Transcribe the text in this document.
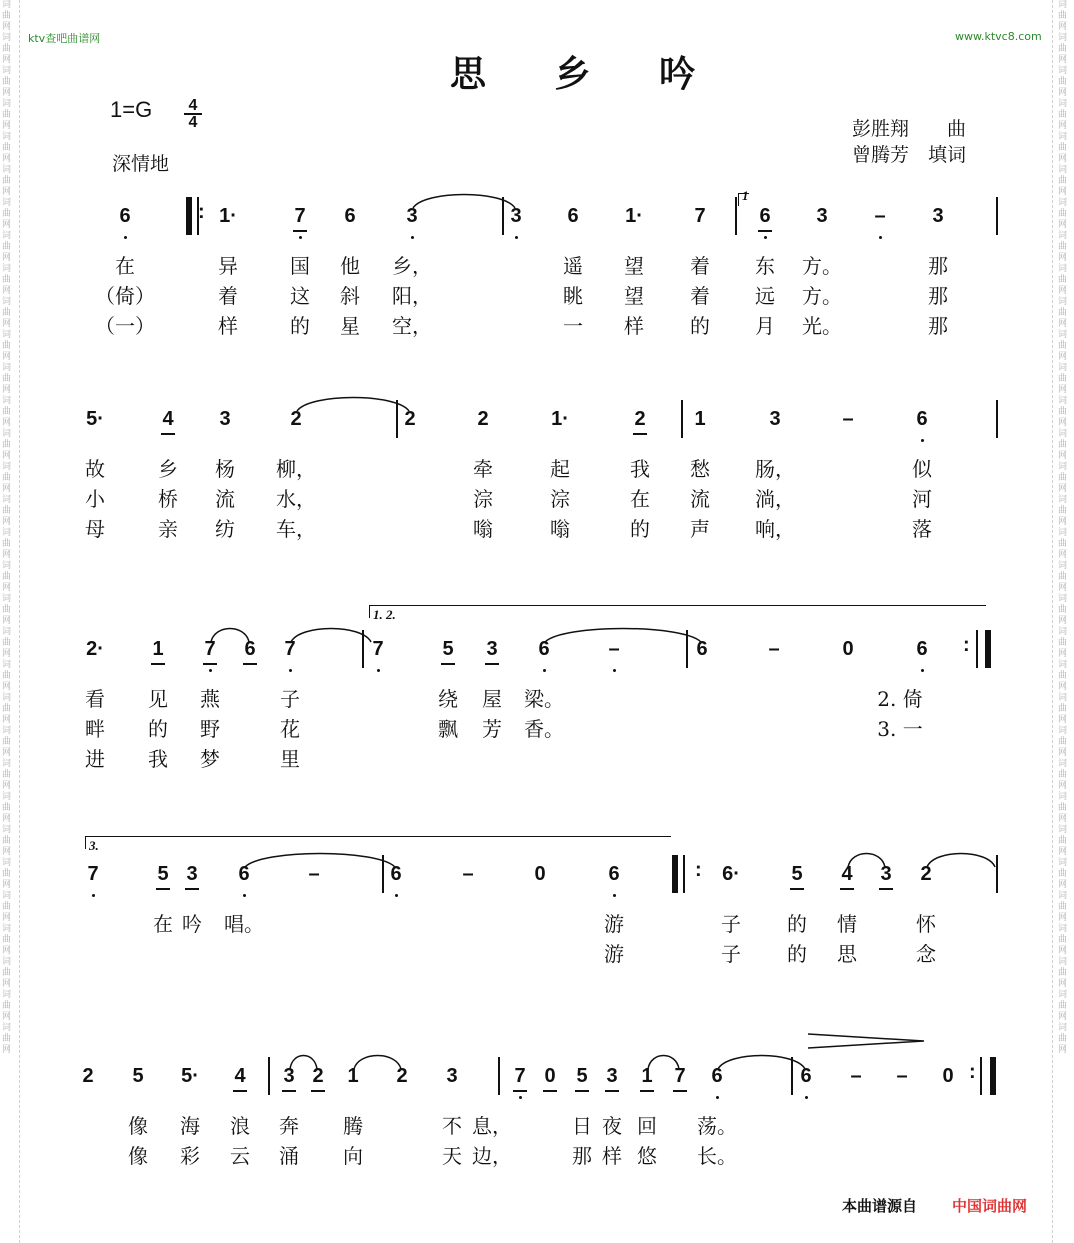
词曲网词曲网词曲网词曲网词曲网词曲网词曲网词曲网词曲网词曲网词曲网词曲网词曲网词曲网词曲网词曲网词曲网词曲网词曲网词曲网词曲网词曲网词曲网词曲网词曲网词曲网词曲网词曲网词曲网词曲网词曲网词曲网
词曲网词曲网词曲网词曲网词曲网词曲网词曲网词曲网词曲网词曲网词曲网词曲网词曲网词曲网词曲网词曲网词曲网词曲网词曲网词曲网词曲网词曲网词曲网词曲网词曲网词曲网词曲网词曲网词曲网词曲网词曲网词曲网
ktv查吧曲谱网	www.ktvc8.com
思 乡 吟
1=G 4
4
深情地
彭胜翔　　曲
曾腾芳　填词
6	1·	7	6	3	3	6	1·	7	6	3	–	3
在	异	国	他	乡，	遥	望	着	东	方。	那
（倚）	着	这	斜	阳，	眺	望	着	远	方。	那
（一）	样	的	星	空，	一	样	的	月	光。	那
5·	4	3	2	2	2	1·	2	1	3	–	6
故	乡	杨	柳，	牵	起	我	愁	肠，	似
小	桥	流	水，	淙	淙	在	流	淌，	河
母	亲	纺	车，	嗡	嗡	的	声	响，	落
2·	1	7	6	7	7	5	3	6	–	6	–	0	6
看	见	燕	子	绕	屋	梁。	2. 倚
畔	的	野	花	飘	芳	香。	3. 一
进	我	梦	里
7	5 3	6	–	6	–	0	6	6·	5	4	3	2
在 吟	唱。	游	子	的	情	怀
游	子	的	思	念
2	5	5·	4	3 2	1	2	3	7 0	5 3	1	7	6	6	–	–	0
像	海	浪	奔	腾	不 息，	日 夜 回	荡。
像	彩	云	涌	向	天 边，	那 样 悠	长。
:
:
:
:
1
1. 2.
3.
本曲谱源自 中国词曲网
